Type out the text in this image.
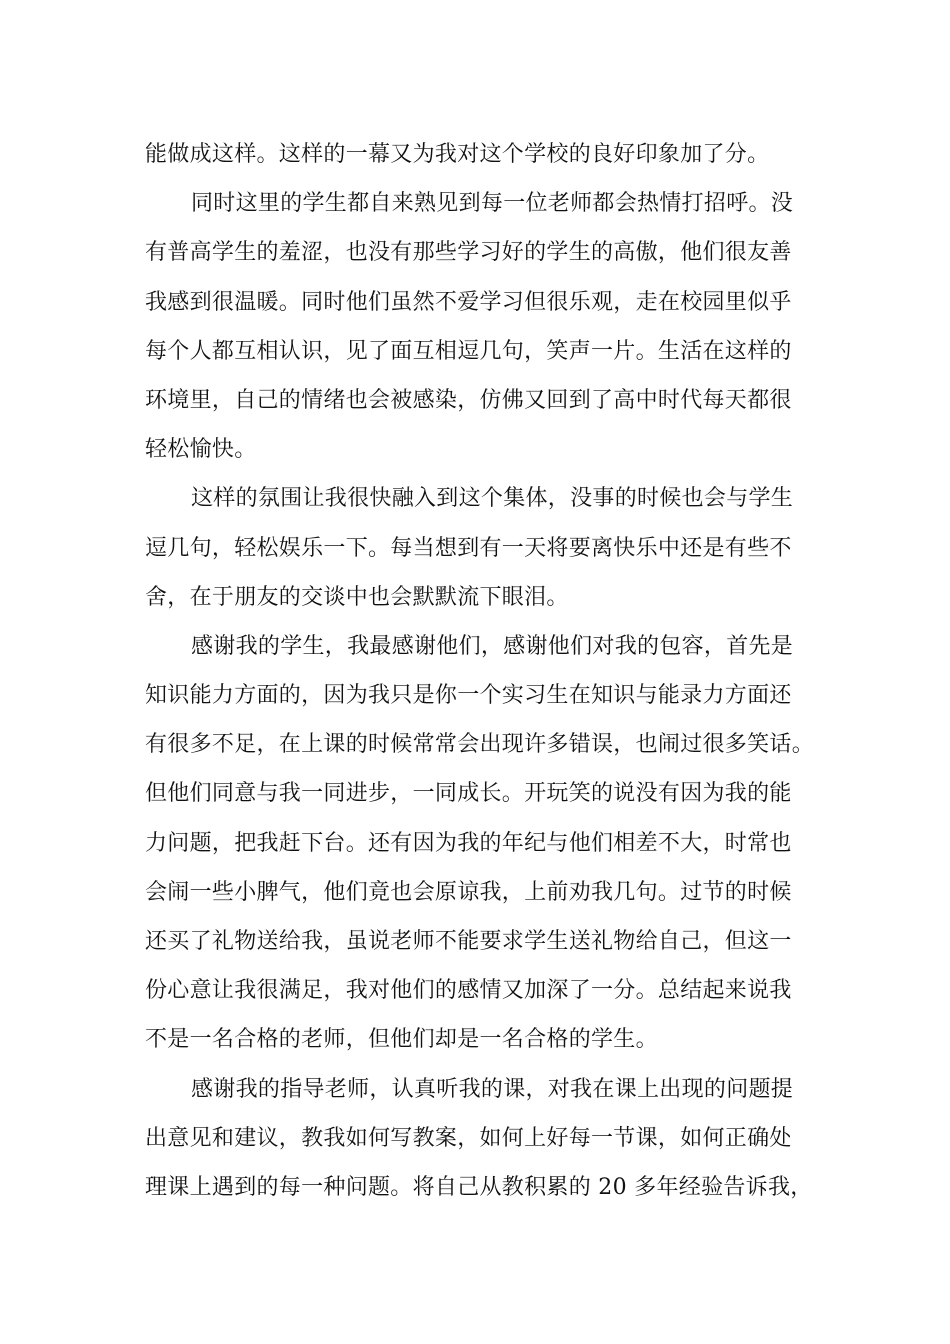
能做成这样。这样的一幕又为我对这个学校的良好印象加了分。
同时这里的学生都自来熟见到每一位老师都会热情打招呼。没
有普高学生的羞涩，也没有那些学习好的学生的高傲，他们很友善
我感到很温暖。同时他们虽然不爱学习但很乐观，走在校园里似乎
每个人都互相认识，见了面互相逗几句，笑声一片。生活在这样的
环境里，自己的情绪也会被感染，仿佛又回到了高中时代每天都很
轻松愉快。
这样的氛围让我很快融入到这个集体，没事的时候也会与学生
逗几句，轻松娱乐一下。每当想到有一天将要离快乐中还是有些不
舍，在于朋友的交谈中也会默默流下眼泪。
感谢我的学生，我最感谢他们，感谢他们对我的包容，首先是
知识能力方面的，因为我只是你一个实习生在知识与能录力方面还
有很多不足，在上课的时候常常会出现许多错误，也闹过很多笑话。
但他们同意与我一同进步，一同成长。开玩笑的说没有因为我的能
力问题，把我赶下台。还有因为我的年纪与他们相差不大，时常也
会闹一些小脾气，他们竟也会原谅我，上前劝我几句。过节的时候
还买了礼物送给我，虽说老师不能要求学生送礼物给自己，但这一
份心意让我很满足，我对他们的感情又加深了一分。总结起来说我
不是一名合格的老师，但他们却是一名合格的学生。
感谢我的指导老师，认真听我的课，对我在课上出现的问题提
出意见和建议，教我如何写教案，如何上好每一节课，如何正确处
理课上遇到的每一种问题。将自己从教积累的 20 多年经验告诉我，
